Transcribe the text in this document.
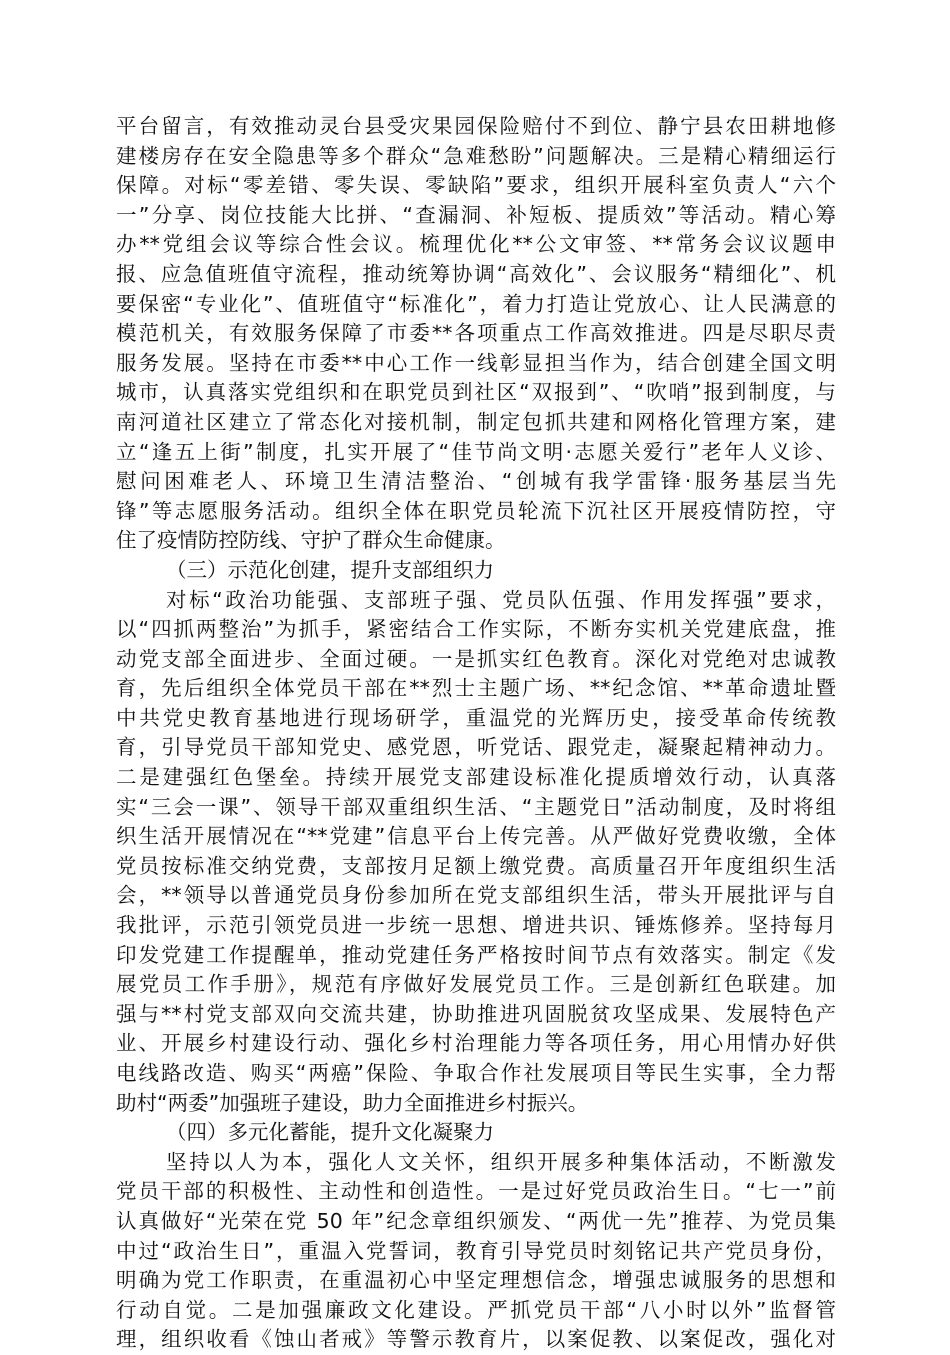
平台留言，有效推动灵台县受灾果园保险赔付不到位、静宁县农田耕地修
建楼房存在安全隐患等多个群众“急难愁盼”问题解决。三是精心精细运行
保障。对标“零差错、零失误、零缺陷”要求，组织开展科室负责人“六个
一”分享、岗位技能大比拼、“查漏洞、补短板、提质效”等活动。精心筹
办**党组会议等综合性会议。梳理优化**公文审签、**常务会议议题申
报、应急值班值守流程，推动统筹协调“高效化”、会议服务“精细化”、机
要保密“专业化”、值班值守“标准化”，着力打造让党放心、让人民满意的
模范机关，有效服务保障了市委**各项重点工作高效推进。四是尽职尽责
服务发展。坚持在市委**中心工作一线彰显担当作为，结合创建全国文明
城市，认真落实党组织和在职党员到社区“双报到”、“吹哨”报到制度，与
南河道社区建立了常态化对接机制，制定包抓共建和网格化管理方案，建
立“逢五上街”制度，扎实开展了“佳节尚文明·志愿关爱行”老年人义诊、
慰问困难老人、环境卫生清洁整治、“创城有我学雷锋·服务基层当先
锋”等志愿服务活动。组织全体在职党员轮流下沉社区开展疫情防控，守
住了疫情防控防线、守护了群众生命健康。
（三）示范化创建，提升支部组织力
对标“政治功能强、支部班子强、党员队伍强、作用发挥强”要求，
以“四抓两整治”为抓手，紧密结合工作实际，不断夯实机关党建底盘，推
动党支部全面进步、全面过硬。一是抓实红色教育。深化对党绝对忠诚教
育，先后组织全体党员干部在**烈士主题广场、**纪念馆、**革命遗址暨
中共党史教育基地进行现场研学，重温党的光辉历史，接受革命传统教
育，引导党员干部知党史、感党恩，听党话、跟党走，凝聚起精神动力。
二是建强红色堡垒。持续开展党支部建设标准化提质增效行动，认真落
实“三会一课”、领导干部双重组织生活、“主题党日”活动制度，及时将组
织生活开展情况在“**党建”信息平台上传完善。从严做好党费收缴，全体
党员按标准交纳党费，支部按月足额上缴党费。高质量召开年度组织生活
会，**领导以普通党员身份参加所在党支部组织生活，带头开展批评与自
我批评，示范引领党员进一步统一思想、增进共识、锤炼修养。坚持每月
印发党建工作提醒单，推动党建任务严格按时间节点有效落实。制定《发
展党员工作手册》，规范有序做好发展党员工作。三是创新红色联建。加
强与**村党支部双向交流共建，协助推进巩固脱贫攻坚成果、发展特色产
业、开展乡村建设行动、强化乡村治理能力等各项任务，用心用情办好供
电线路改造、购买“两癌”保险、争取合作社发展项目等民生实事，全力帮
助村“两委”加强班子建设，助力全面推进乡村振兴。
（四）多元化蓄能，提升文化凝聚力
坚持以人为本，强化人文关怀，组织开展多种集体活动，不断激发
党员干部的积极性、主动性和创造性。一是过好党员政治生日。“七一”前
认真做好“光荣在党 50 年”纪念章组织颁发、“两优一先”推荐、为党员集
中过“政治生日”，重温入党誓词，教育引导党员时刻铭记共产党员身份，
明确为党工作职责，在重温初心中坚定理想信念，增强忠诚服务的思想和
行动自觉。二是加强廉政文化建设。严抓党员干部“八小时以外”监督管
理，组织收看《蚀山者戒》等警示教育片，以案促教、以案促改，强化对
